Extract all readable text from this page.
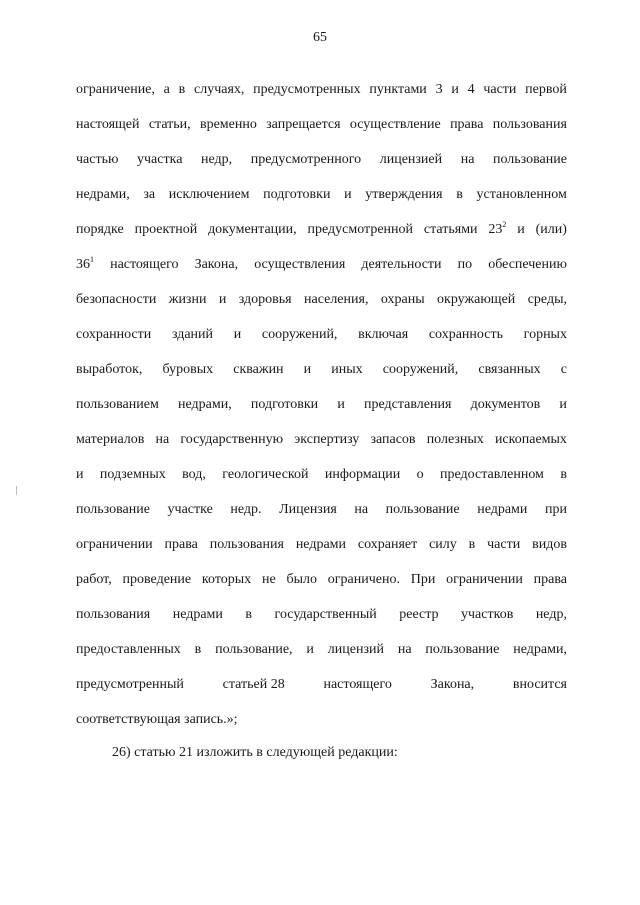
65
ограничение, а в случаях, предусмотренных пунктами 3 и 4 части первой
настоящей статьи, временно запрещается осуществление права пользования
частью участка недр, предусмотренного лицензией на пользование
недрами, за исключением подготовки и утверждения в установленном
порядке проектной документации, предусмотренной статьями $23^2$ и (или)
$36^1$ настоящего Закона, осуществления деятельности по обеспечению
безопасности жизни и здоровья населения, охраны окружающей среды,
сохранности зданий и сооружений, включая сохранность горных
выработок, буровых скважин и иных сооружений, связанных с
пользованием недрами, подготовки и представления документов и
материалов на государственную экспертизу запасов полезных ископаемых
и подземных вод, геологической информации о предоставленном в
пользование участке недр. Лицензия на пользование недрами при
ограничении права пользования недрами сохраняет силу в части видов
работ, проведение которых не было ограничено. При ограничении права
пользования недрами в государственный реестр участков недр,
предоставленных в пользование, и лицензий на пользование недрами,
предусмотренный	статьей 28	настоящего	Закона,	вносится
соответствующая запись.»;
26) статью 21 изложить в следующей редакции:
